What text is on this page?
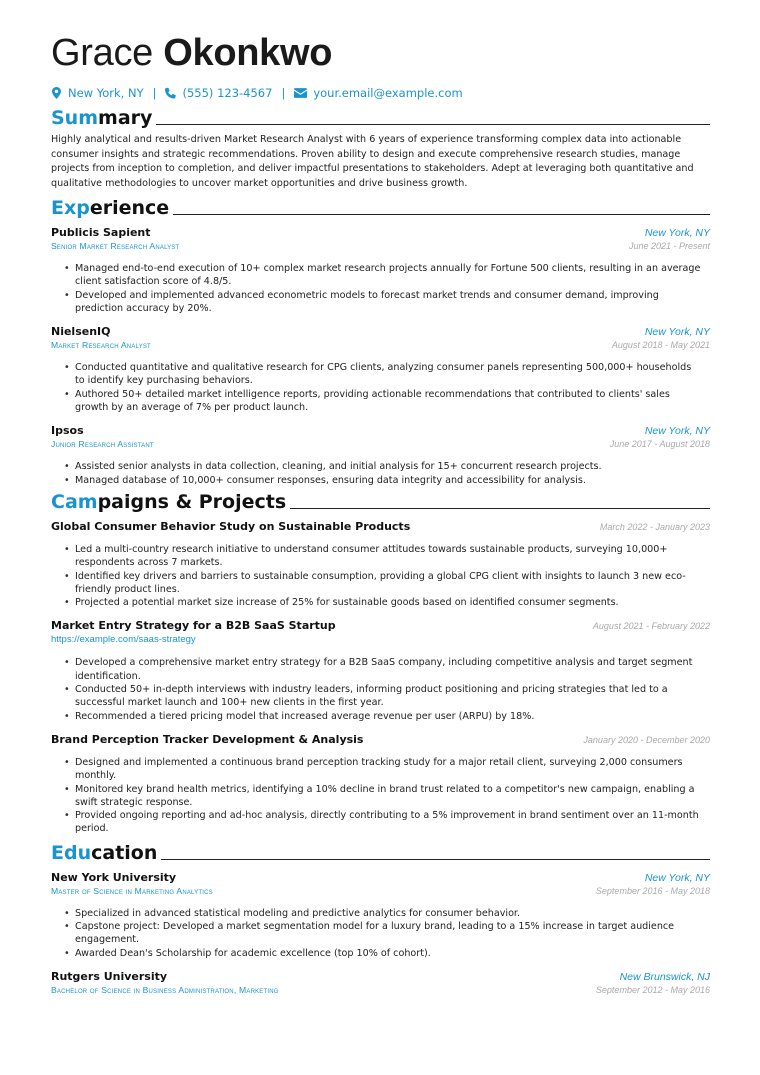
Grace Okonkwo
New York, NY | (555) 123-4567 | your.email@example.com
Summary
Highly analytical and results-driven Market Research Analyst with 6 years of experience transforming complex data into actionable consumer insights and strategic recommendations. Proven ability to design and execute comprehensive research studies, manage projects from inception to completion, and deliver impactful presentations to stakeholders. Adept at leveraging both quantitative and qualitative methodologies to uncover market opportunities and drive business growth.
Experience
Publicis Sapient	New York, NY
Senior Market Research Analyst	June 2021 - Present
• Managed end-to-end execution of 10+ complex market research projects annually for Fortune 500 clients, resulting in an average client satisfaction score of 4.8/5.
• Developed and implemented advanced econometric models to forecast market trends and consumer demand, improving prediction accuracy by 20%.
NielsenIQ	New York, NY
Market Research Analyst	August 2018 - May 2021
• Conducted quantitative and qualitative research for CPG clients, analyzing consumer panels representing 500,000+ households to identify key purchasing behaviors.
• Authored 50+ detailed market intelligence reports, providing actionable recommendations that contributed to clients' sales growth by an average of 7% per product launch.
Ipsos	New York, NY
Junior Research Assistant	June 2017 - August 2018
• Assisted senior analysts in data collection, cleaning, and initial analysis for 15+ concurrent research projects.
• Managed database of 10,000+ consumer responses, ensuring data integrity and accessibility for analysis.
Campaigns & Projects
Global Consumer Behavior Study on Sustainable Products	March 2022 - January 2023
• Led a multi-country research initiative to understand consumer attitudes towards sustainable products, surveying 10,000+ respondents across 7 markets.
• Identified key drivers and barriers to sustainable consumption, providing a global CPG client with insights to launch 3 new eco-friendly product lines.
• Projected a potential market size increase of 25% for sustainable goods based on identified consumer segments.
Market Entry Strategy for a B2B SaaS Startup	August 2021 - February 2022
https://example.com/saas-strategy
• Developed a comprehensive market entry strategy for a B2B SaaS company, including competitive analysis and target segment identification.
• Conducted 50+ in-depth interviews with industry leaders, informing product positioning and pricing strategies that led to a successful market launch and 100+ new clients in the first year.
• Recommended a tiered pricing model that increased average revenue per user (ARPU) by 18%.
Brand Perception Tracker Development & Analysis	January 2020 - December 2020
• Designed and implemented a continuous brand perception tracking study for a major retail client, surveying 2,000 consumers monthly.
• Monitored key brand health metrics, identifying a 10% decline in brand trust related to a competitor's new campaign, enabling a swift strategic response.
• Provided ongoing reporting and ad-hoc analysis, directly contributing to a 5% improvement in brand sentiment over an 11-month period.
Education
New York University	New York, NY
Master of Science in Marketing Analytics	September 2016 - May 2018
• Specialized in advanced statistical modeling and predictive analytics for consumer behavior.
• Capstone project: Developed a market segmentation model for a luxury brand, leading to a 15% increase in target audience engagement.
• Awarded Dean's Scholarship for academic excellence (top 10% of cohort).
Rutgers University	New Brunswick, NJ
Bachelor of Science in Business Administration, Marketing	September 2012 - May 2016
